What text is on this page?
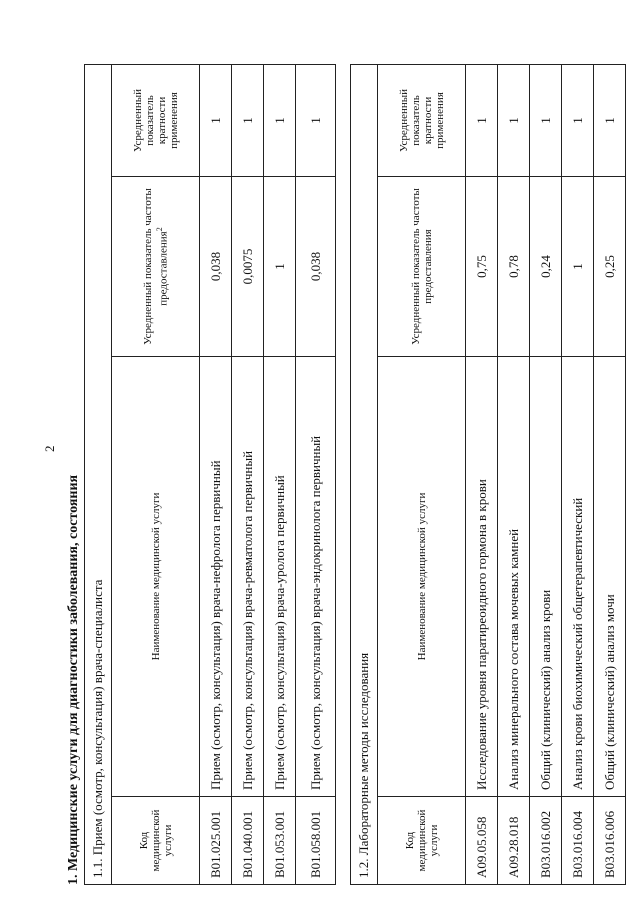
2
1. Медицинские услуги для диагностики заболевания, состояния 1.1. Прием (осмотр, консультация) врача-специалиста			
Код медицинской услуги	Наименование медицинской услуги	Усредненный показатель частоты предоставления$^2$	Усредненный показатель кратности применения
B01.025.001	Прием (осмотр, консультация) врача-нефролога первичный	0,038	1
B01.040.001	Прием (осмотр, консультация) врача-ревматолога первичный	0,0075	1
B01.053.001	Прием (осмотр, консультация) врача-уролога первичный	1	1
B01.058.001	Прием (осмотр, консультация) врача-эндокринолога первичный	0,038	1
1.2. Лабораторные методы исследования			
Код медицинской услуги	Наименование медицинской услуги	Усредненный показатель частоты предоставления	Усредненный показатель кратности применения
A09.05.058	Исследование уровня паратиреоидного гормона в крови	0,75	1
A09.28.018	Анализ минерального состава мочевых камней	0,78	1
B03.016.002	Общий (клинический) анализ крови	0,24	1
B03.016.004	Анализ крови биохимический общетерапевтический	1	1
B03.016.006	Общий (клинический) анализ мочи	0,25	1
